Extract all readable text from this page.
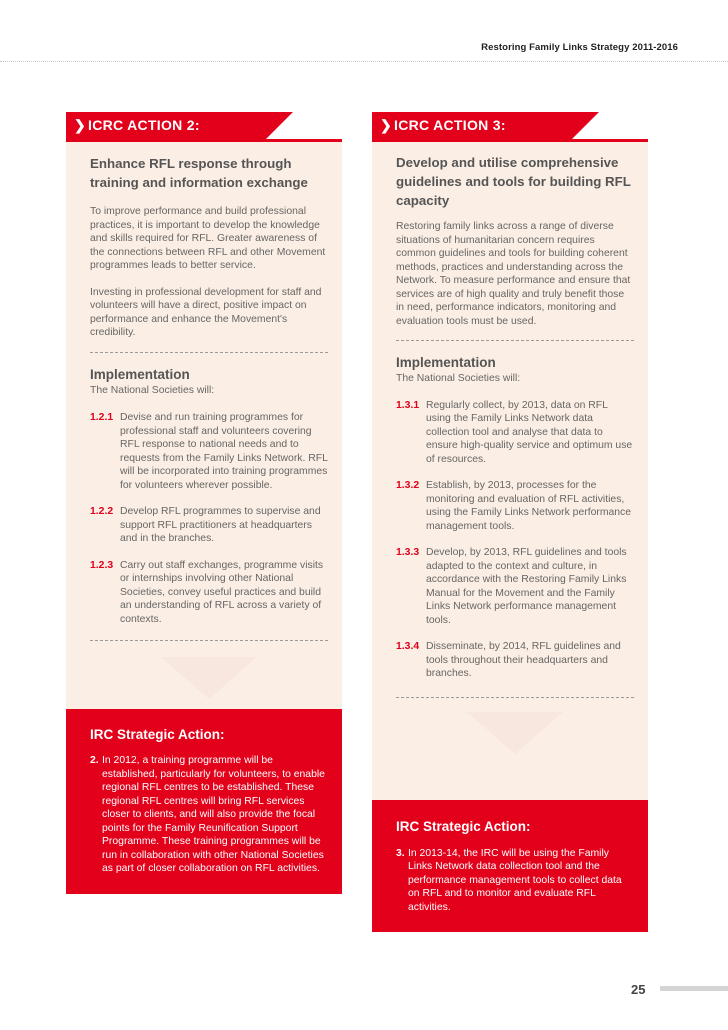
Restoring Family Links Strategy 2011-2016
❯ ICRC ACTION 2:
Enhance RFL response through training and information exchange

To improve performance and build professional practices, it is important to develop the knowledge and skills required for RFL. Greater awareness of the connections between RFL and other Movement programmes leads to better service.

Investing in professional development for staff and volunteers will have a direct, positive impact on performance and enhance the Movement's credibility.

Implementation
The National Societies will:
1.2.1 Devise and run training programmes for professional staff and volunteers covering RFL response to national needs and to requests from the Family Links Network. RFL will be incorporated into training programmes for volunteers wherever possible.
1.2.2 Develop RFL programmes to supervise and support RFL practitioners at headquarters and in the branches.
1.2.3 Carry out staff exchanges, programme visits or internships involving other National Societies, convey useful practices and build an understanding of RFL across a variety of contexts.
IRC Strategic Action:
2. In 2012, a training programme will be established, particularly for volunteers, to enable regional RFL centres to be established. These regional RFL centres will bring RFL services closer to clients, and will also provide the focal points for the Family Reunification Support Programme. These training programmes will be run in collaboration with other National Societies as part of closer collaboration on RFL activities.
❯ ICRC ACTION 3:
Develop and utilise comprehensive guidelines and tools for building RFL capacity

Restoring family links across a range of diverse situations of humanitarian concern requires common guidelines and tools for building coherent methods, practices and understanding across the Network. To measure performance and ensure that services are of high quality and truly benefit those in need, performance indicators, monitoring and evaluation tools must be used.

Implementation
The National Societies will:
1.3.1 Regularly collect, by 2013, data on RFL using the Family Links Network data collection tool and analyse that data to ensure high-quality service and optimum use of resources.
1.3.2 Establish, by 2013, processes for the monitoring and evaluation of RFL activities, using the Family Links Network performance management tools.
1.3.3 Develop, by 2013, RFL guidelines and tools adapted to the context and culture, in accordance with the Restoring Family Links Manual for the Movement and the Family Links Network performance management tools.
1.3.4 Disseminate, by 2014, RFL guidelines and tools throughout their headquarters and branches.
IRC Strategic Action:
3. In 2013-14, the IRC will be using the Family Links Network data collection tool and the performance management tools to collect data on RFL and to monitor and evaluate RFL activities.
25
